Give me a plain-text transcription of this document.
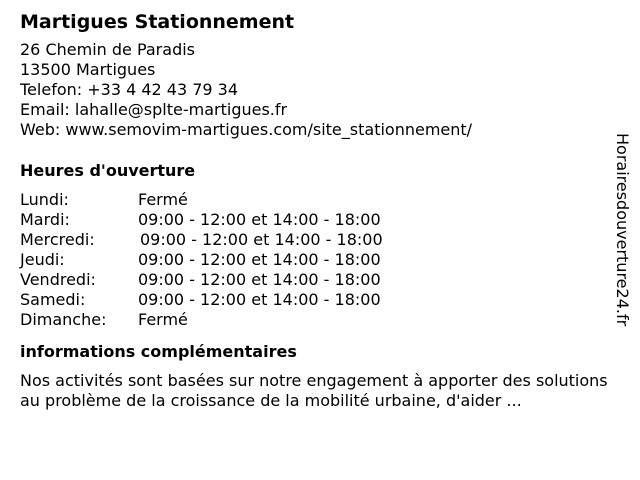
Martigues Stationnement
26 Chemin de Paradis
13500 Martigues
Telefon: +33 4 42 43 79 34
Email: lahalle@splte-martigues.fr
Web: www.semovim-martigues.com/site_stationnement/
Heures d'ouverture
Lundi:	Fermé
Mardi:	09:00 - 12:00 et 14:00 - 18:00
Mercredi:	09:00 - 12:00 et 14:00 - 18:00
Jeudi:	09:00 - 12:00 et 14:00 - 18:00
Vendredi:	09:00 - 12:00 et 14:00 - 18:00
Samedi:	09:00 - 12:00 et 14:00 - 18:00
Dimanche:	Fermé
informations complémentaires
Nos activités sont basées sur notre engagement à apporter des solutions au problème de la croissance de la mobilité urbaine, d'aider ...
Horairesdouverture24.fr
